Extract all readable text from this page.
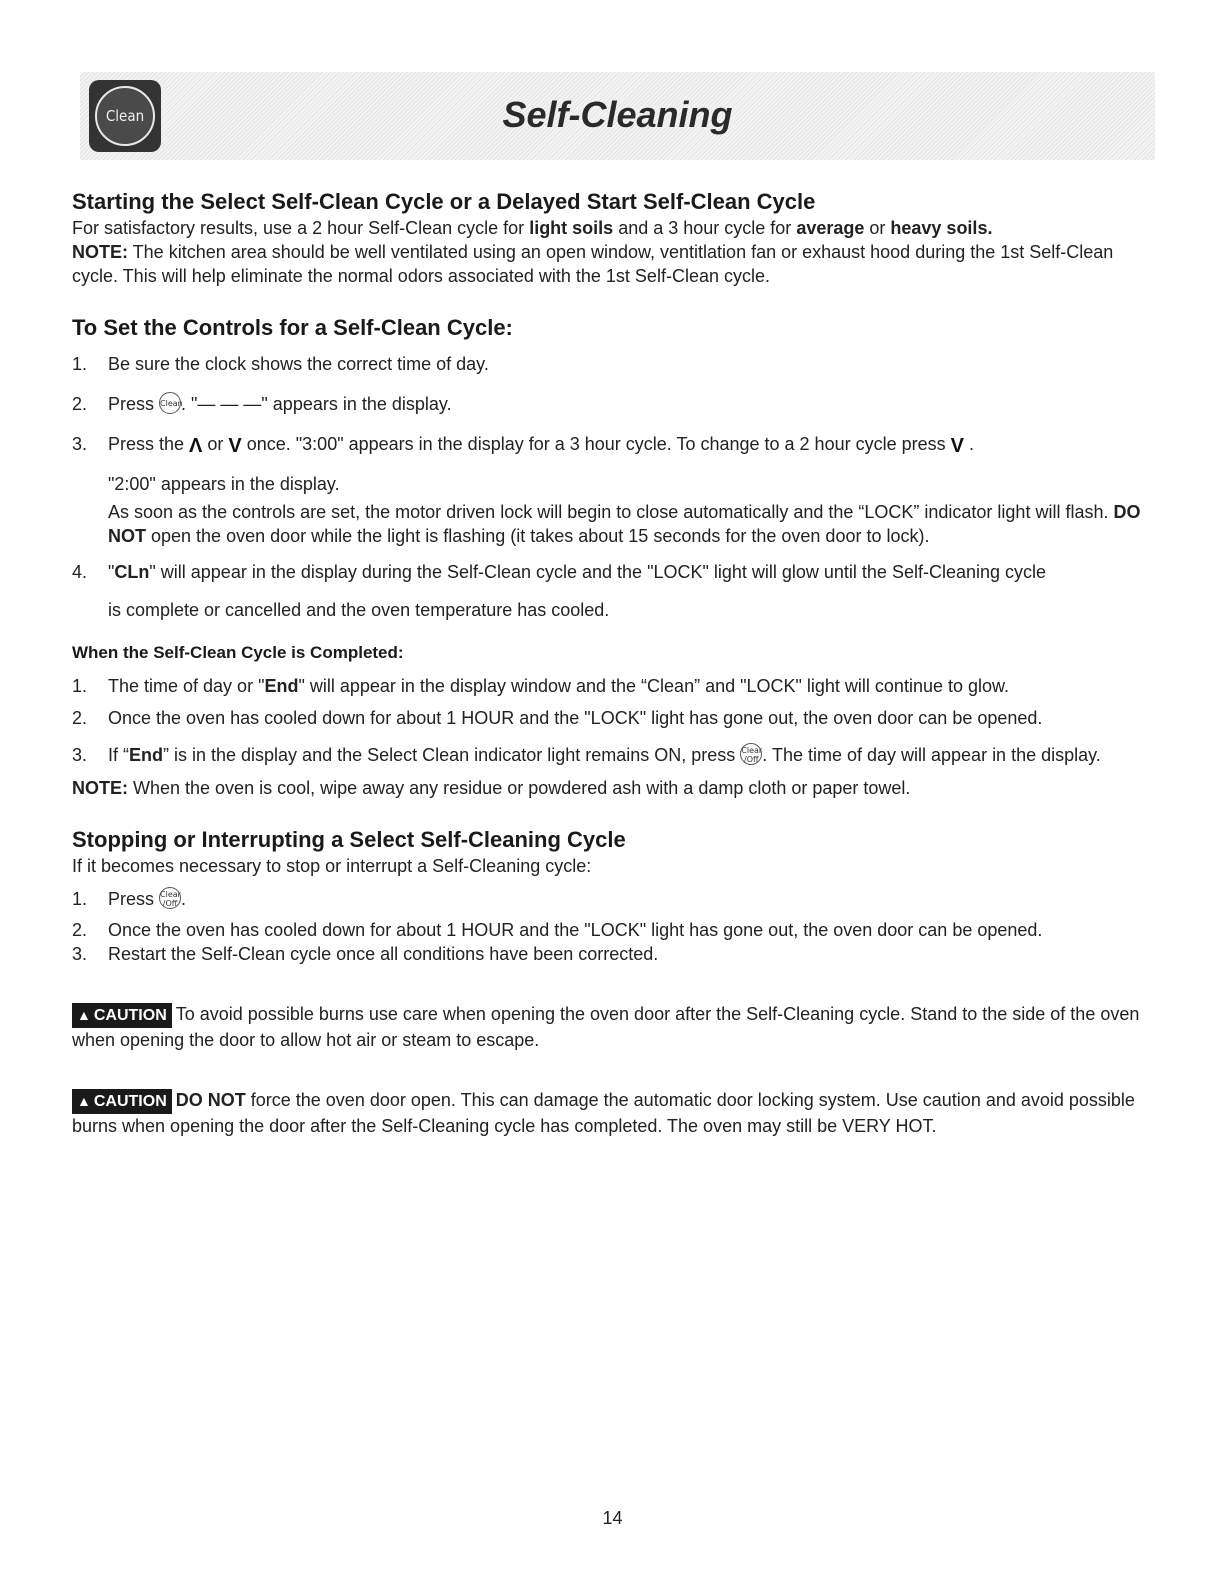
Clean	Self-Cleaning
Starting the Select Self-Clean Cycle or a Delayed Start Self-Clean Cycle

For satisfactory results, use a 2 hour Self-Clean cycle for light soils and a 3 hour cycle for average or heavy soils.

NOTE: The kitchen area should be well ventilated using an open window, ventitlation fan or exhaust hood during the 1st Self-Clean cycle. This will help eliminate the normal odors associated with the 1st Self-Clean cycle.

To Set the Controls for a Self-Clean Cycle:
1. Be sure the clock shows the correct time of day.
2. Press Clean. "— — —" appears in the display.
3. Press the Λ or V once. "3:00" appears in the display for a 3 hour cycle. To change to a 2 hour cycle press V .
"2:00" appears in the display.
As soon as the controls are set, the motor driven lock will begin to close automatically and the “LOCK” indicator light will flash. DO NOT open the oven door while the light is flashing (it takes about 15 seconds for the oven door to lock).
4. "CLn" will appear in the display during the Self-Clean cycle and the "LOCK" light will glow until the Self-Cleaning cycle
is complete or cancelled and the oven temperature has cooled.
When the Self-Clean Cycle is Completed:
1. The time of day or "End" will appear in the display window and the “Clean” and "LOCK" light will continue to glow.
2. Once the oven has cooled down for about 1 HOUR and the "LOCK" light has gone out, the oven door can be opened.
3. If “End” is in the display and the Select Clean indicator light remains ON, press Clear
/Off . The time of day will appear in the display.

NOTE: When the oven is cool, wipe away any residue or powdered ash with a damp cloth or paper towel.

Stopping or Interrupting a Select Self-Cleaning Cycle

If it becomes necessary to stop or interrupt a Self-Cleaning cycle:

1. Press Clear
/Off .
2. Once the oven has cooled down for about 1 HOUR and the "LOCK" light has gone out, the oven door can be opened.
3. Restart the Self-Clean cycle once all conditions have been corrected.

▲ CAUTION To avoid possible burns use care when opening the oven door after the Self-Cleaning cycle. Stand to the side of the oven when opening the door to allow hot air or steam to escape.

▲ CAUTION DO NOT force the oven door open. This can damage the automatic door locking system. Use caution and avoid possible burns when opening the door after the Self-Cleaning cycle has completed. The oven may still be VERY HOT.

14
